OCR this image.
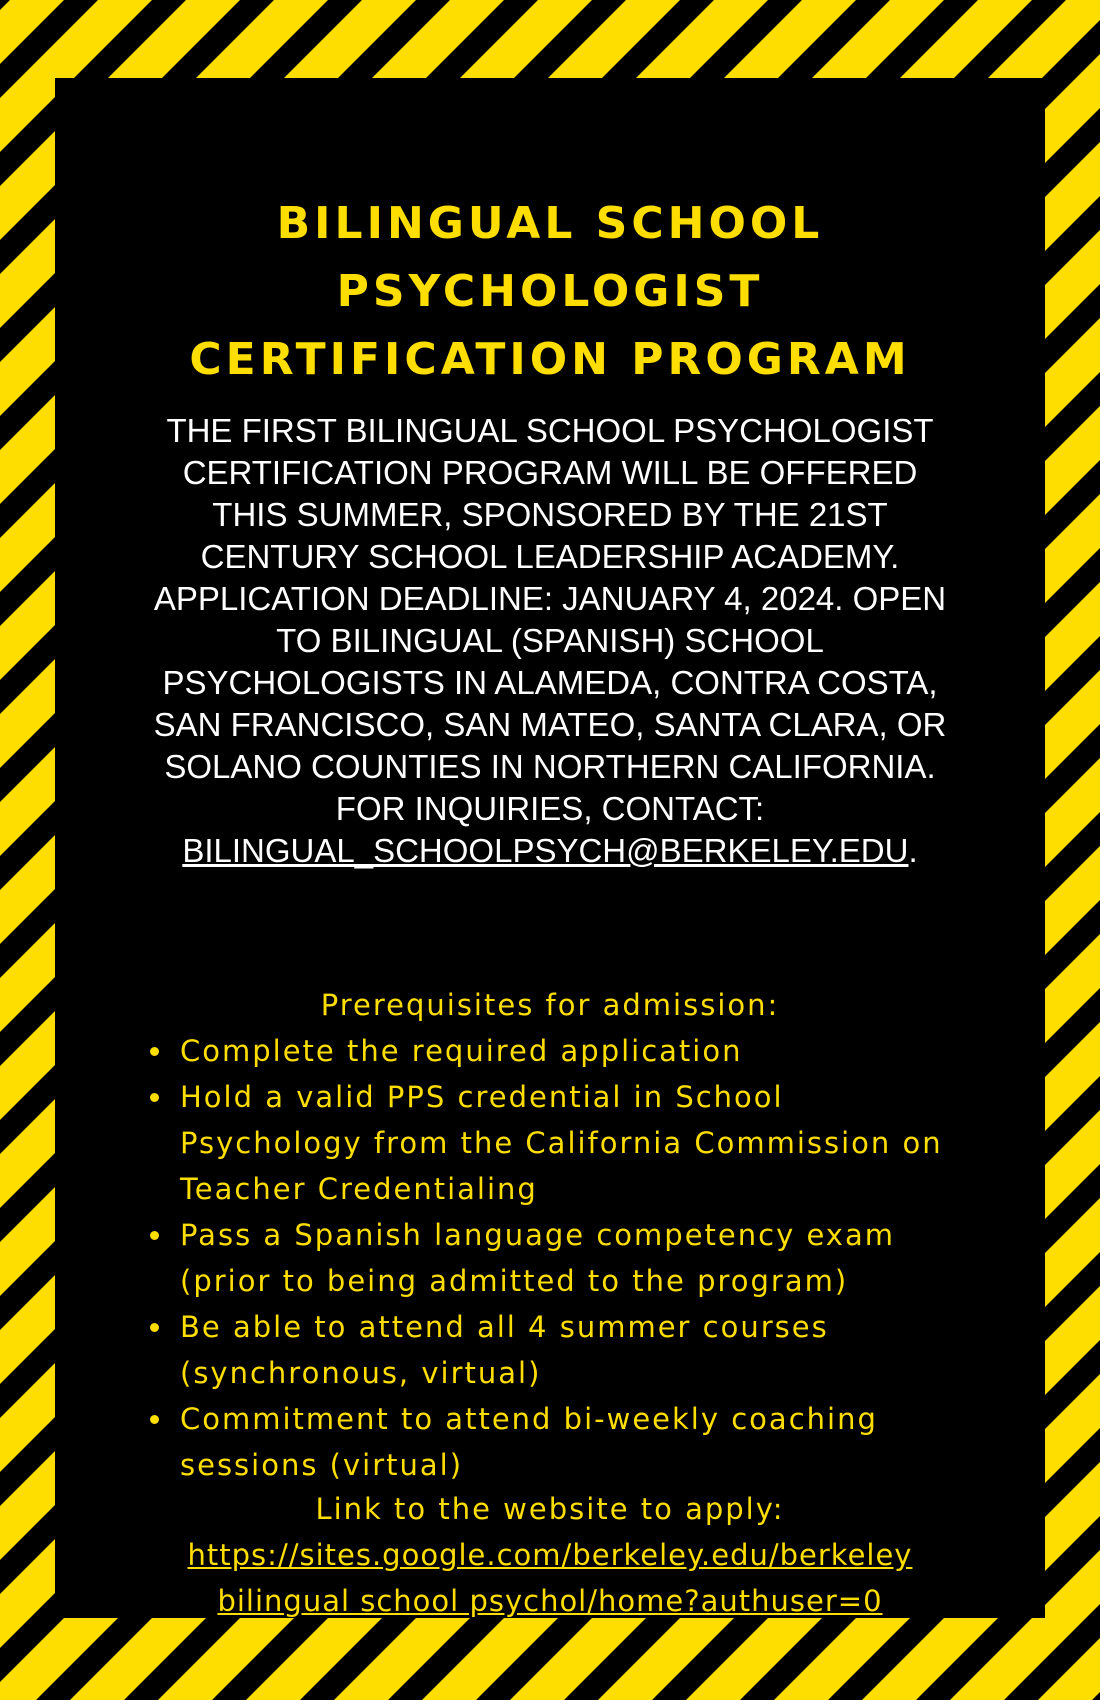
BILINGUAL SCHOOL
PSYCHOLOGIST
CERTIFICATION PROGRAM

THE FIRST BILINGUAL SCHOOL PSYCHOLOGIST
CERTIFICATION PROGRAM WILL BE OFFERED
THIS SUMMER, SPONSORED BY THE 21ST
CENTURY SCHOOL LEADERSHIP ACADEMY.
APPLICATION DEADLINE: JANUARY 4, 2024. OPEN
TO BILINGUAL (SPANISH) SCHOOL
PSYCHOLOGISTS IN ALAMEDA, CONTRA COSTA,
SAN FRANCISCO, SAN MATEO, SANTA CLARA, OR
SOLANO COUNTIES IN NORTHERN CALIFORNIA.
FOR INQUIRIES, CONTACT:
BILINGUAL_SCHOOLPSYCH@BERKELEY.EDU.

Prerequisites for admission:

Complete the required application
Hold a valid PPS credential in School
Psychology from the California Commission on
Teacher Credentialing
Pass a Spanish language competency exam
(prior to being admitted to the program)
Be able to attend all 4 summer courses
(synchronous, virtual)
Commitment to attend bi-weekly coaching
sessions (virtual)

Link to the website to apply:

https://sites.google.com/berkeley.edu/berkeley
bilingual school psychol/home?authuser=0
